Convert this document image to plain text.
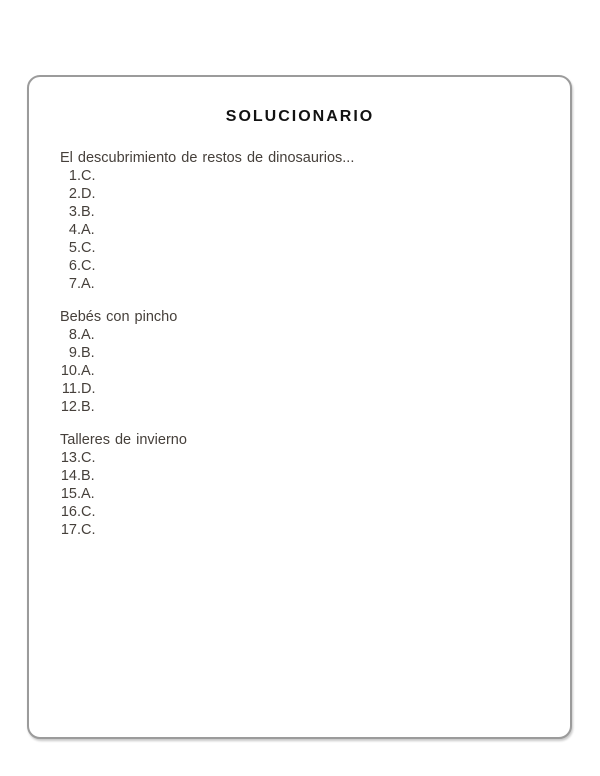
SOLUCIONARIO
El descubrimiento de restos de dinosaurios...
1. C.
2. D.
3. B.
4. A.
5. C.
6. C.
7. A.
Bebés con pincho
8. A.
9. B.
10. A.
11. D.
12. B.
Talleres de invierno
13. C.
14. B.
15. A.
16. C.
17. C.
